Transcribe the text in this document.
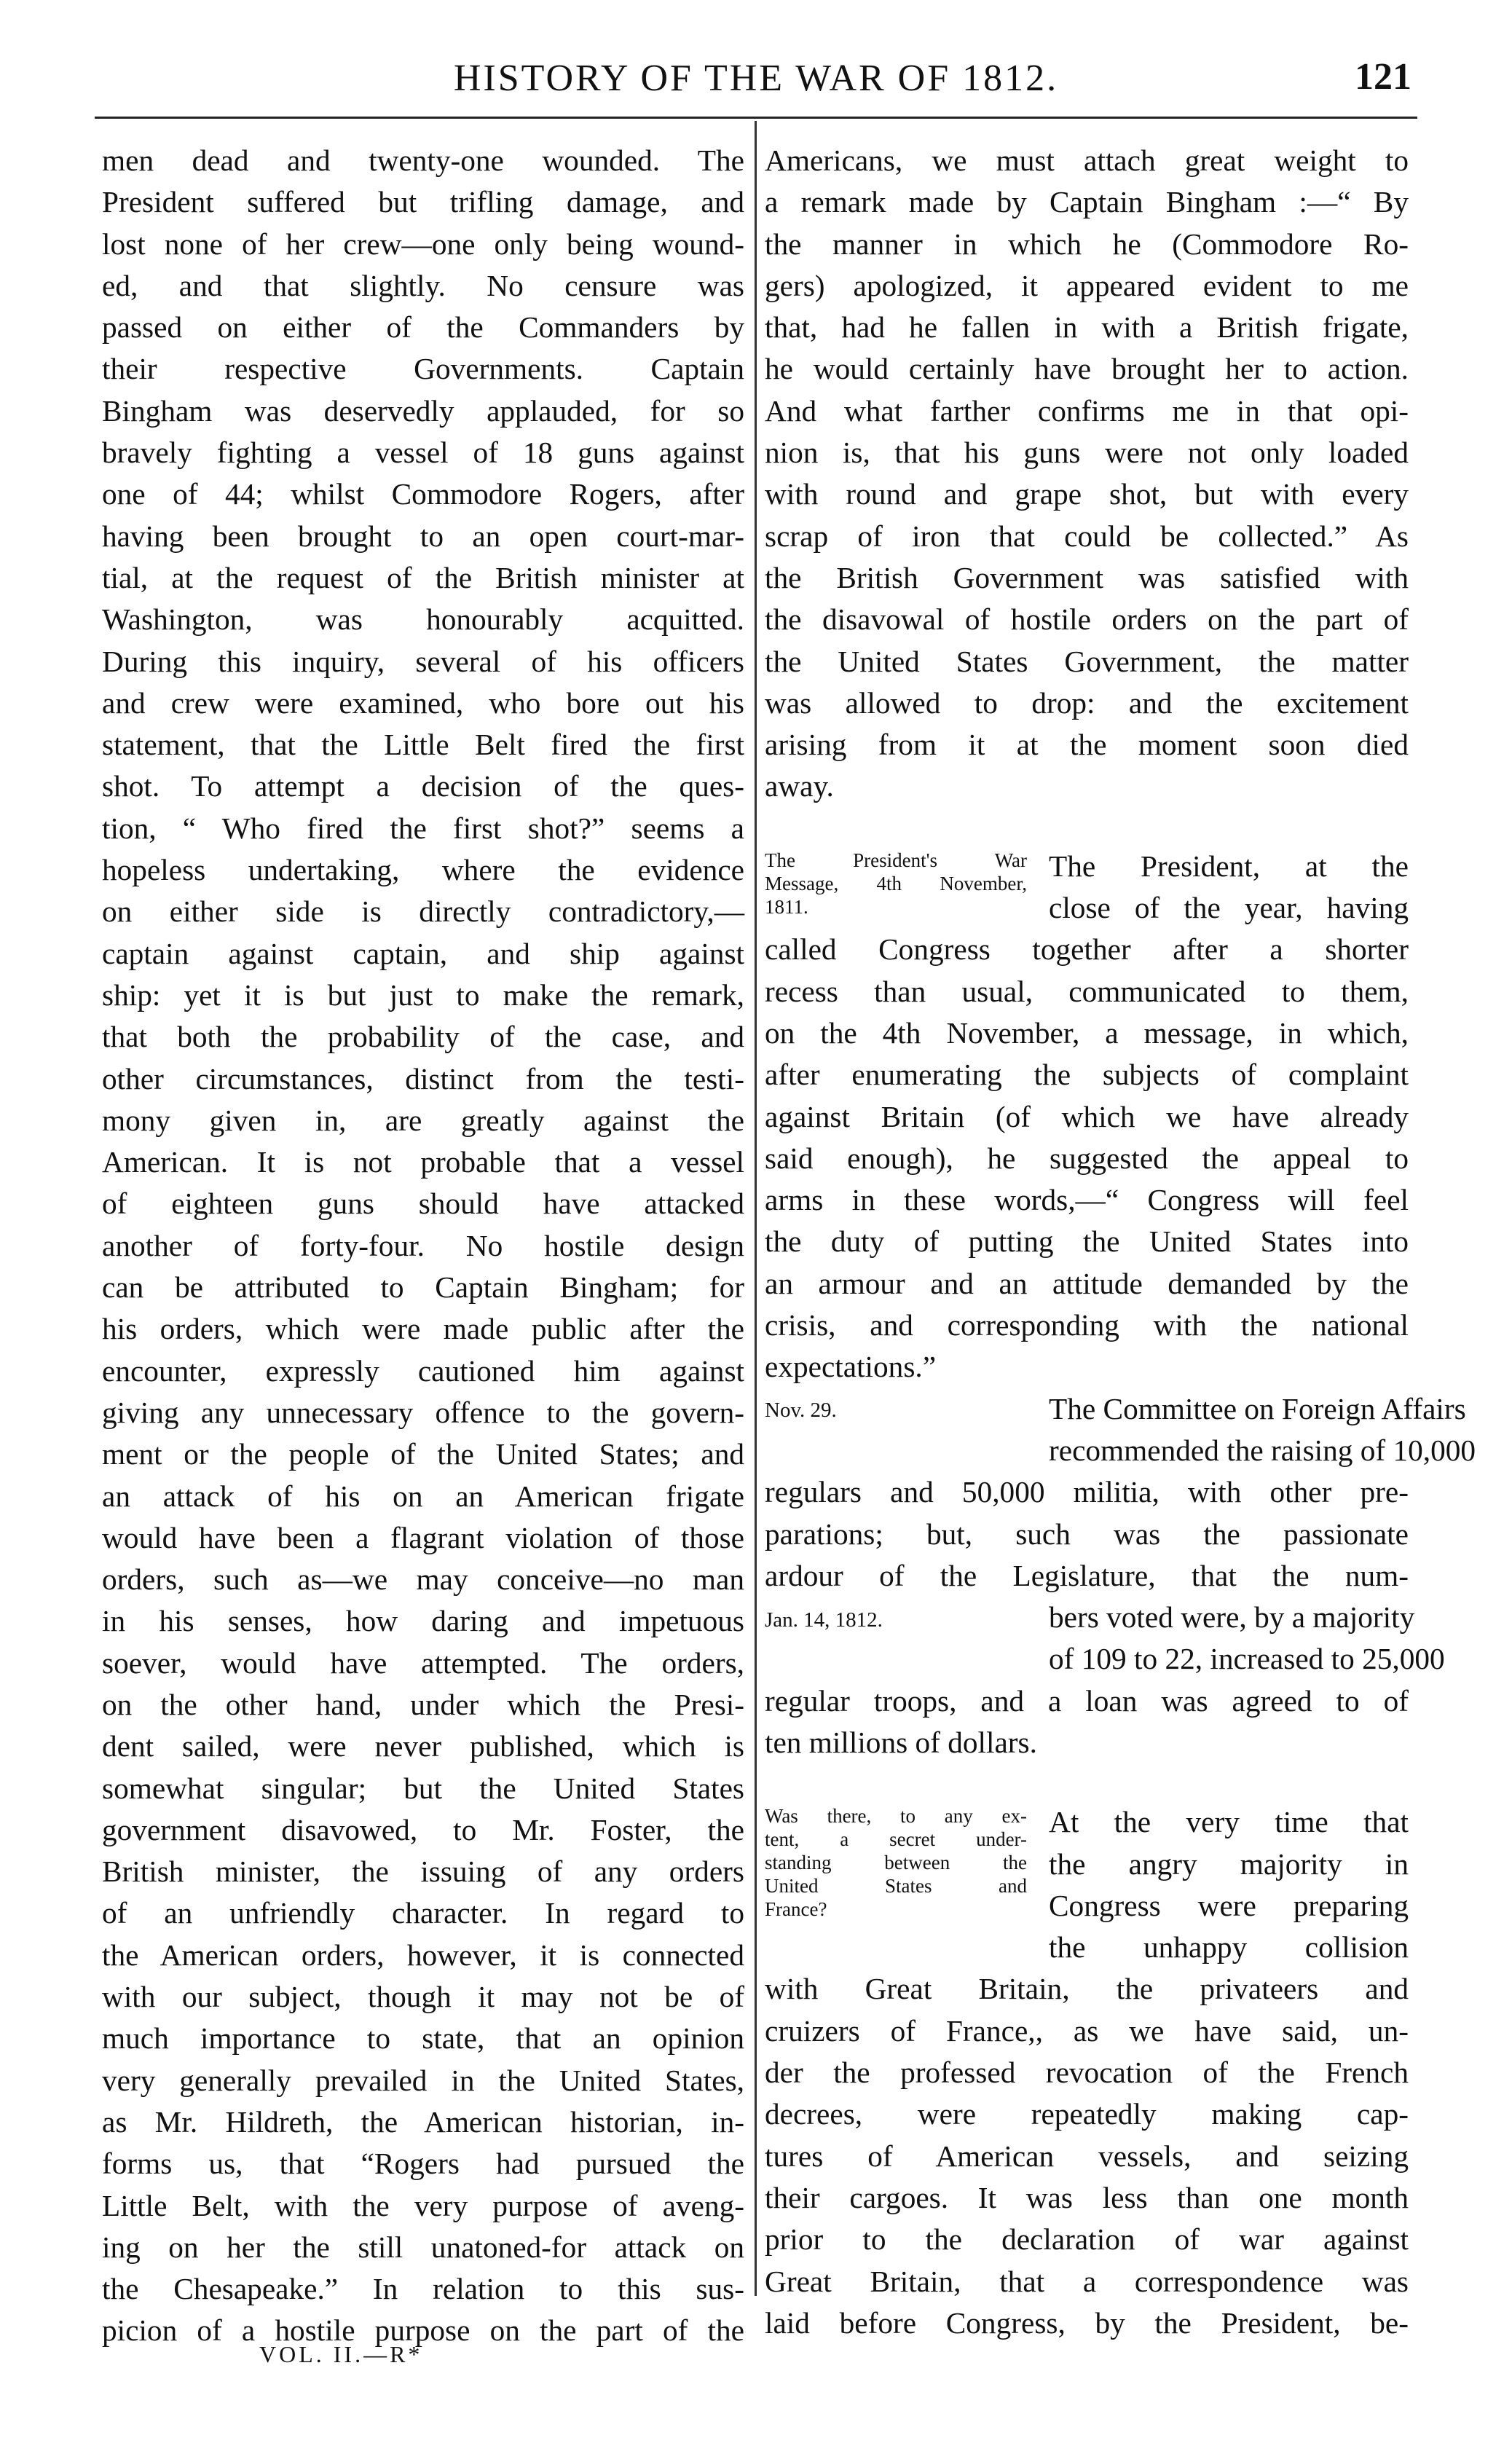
HISTORY OF THE WAR OF 1812.	121
men dead and twenty-one wounded. The
President suffered but trifling damage, and
lost none of her crew—one only being wound-
ed, and that slightly. No censure was
passed on either of the Commanders by
their respective Governments. Captain
Bingham was deservedly applauded, for so
bravely fighting a vessel of 18 guns against
one of 44; whilst Commodore Rogers, after
having been brought to an open court-mar-
tial, at the request of the British minister at
Washington, was honourably acquitted.
During this inquiry, several of his officers
and crew were examined, who bore out his
statement, that the Little Belt fired the first
shot. To attempt a decision of the ques-
tion, “ Who fired the first shot?” seems a
hopeless undertaking, where the evidence
on either side is directly contradictory,—
captain against captain, and ship against
ship: yet it is but just to make the remark,
that both the probability of the case, and
other circumstances, distinct from the testi-
mony given in, are greatly against the
American. It is not probable that a vessel
of eighteen guns should have attacked
another of forty-four. No hostile design
can be attributed to Captain Bingham; for
his orders, which were made public after the
encounter, expressly cautioned him against
giving any unnecessary offence to the govern-
ment or the people of the United States; and
an attack of his on an American frigate
would have been a flagrant violation of those
orders, such as—we may conceive—no man
in his senses, how daring and impetuous
soever, would have attempted. The orders,
on the other hand, under which the Presi-
dent sailed, were never published, which is
somewhat singular; but the United States
government disavowed, to Mr. Foster, the
British minister, the issuing of any orders
of an unfriendly character. In regard to
the American orders, however, it is connected
with our subject, though it may not be of
much importance to state, that an opinion
very generally prevailed in the United States,
as Mr. Hildreth, the American historian, in-
forms us, that “Rogers had pursued the
Little Belt, with the very purpose of aveng-
ing on her the still unatoned-for attack on
the Chesapeake.” In relation to this sus-
picion of a hostile purpose on the part of the
Americans, we must attach great weight to
a remark made by Captain Bingham :—“ By
the manner in which he (Commodore Ro-
gers) apologized, it appeared evident to me
that, had he fallen in with a British frigate,
he would certainly have brought her to action.
And what farther confirms me in that opi-
nion is, that his guns were not only loaded
with round and grape shot, but with every
scrap of iron that could be collected.” As
the British Government was satisfied with
the disavowal of hostile orders on the part of
the United States Government, the matter
was allowed to drop: and the excitement
arising from it at the moment soon died
away.
The President's War
Message, 4th November,
1811.
The President, at the
close of the year, having
called Congress together after a shorter
recess than usual, communicated to them,
on the 4th November, a message, in which,
after enumerating the subjects of complaint
against Britain (of which we have already
said enough), he suggested the appeal to
arms in these words,—“ Congress will feel
the duty of putting the United States into
an armour and an attitude demanded by the
crisis, and corresponding with the national
expectations.”
Nov. 29.	The Committee on Foreign Affairs
recommended the raising of 10,000
regulars and 50,000 militia, with other pre-
parations; but, such was the passionate
ardour of the Legislature, that the num-
Jan. 14, 1812.	bers voted were, by a majority
of 109 to 22, increased to 25,000
regular troops, and a loan was agreed to of
ten millions of dollars.
Was there, to any ex-
tent, a secret under-
standing between the
United States and
France?
At the very time that
the angry majority in
Congress were preparing
the unhappy collision
with Great Britain, the privateers and
cruizers of France,, as we have said, un-
der the professed revocation of the French
decrees, were repeatedly making cap-
tures of American vessels, and seizing
their cargoes. It was less than one month
prior to the declaration of war against
Great Britain, that a correspondence was
laid before Congress, by the President, be-
VOL. II.—R*
